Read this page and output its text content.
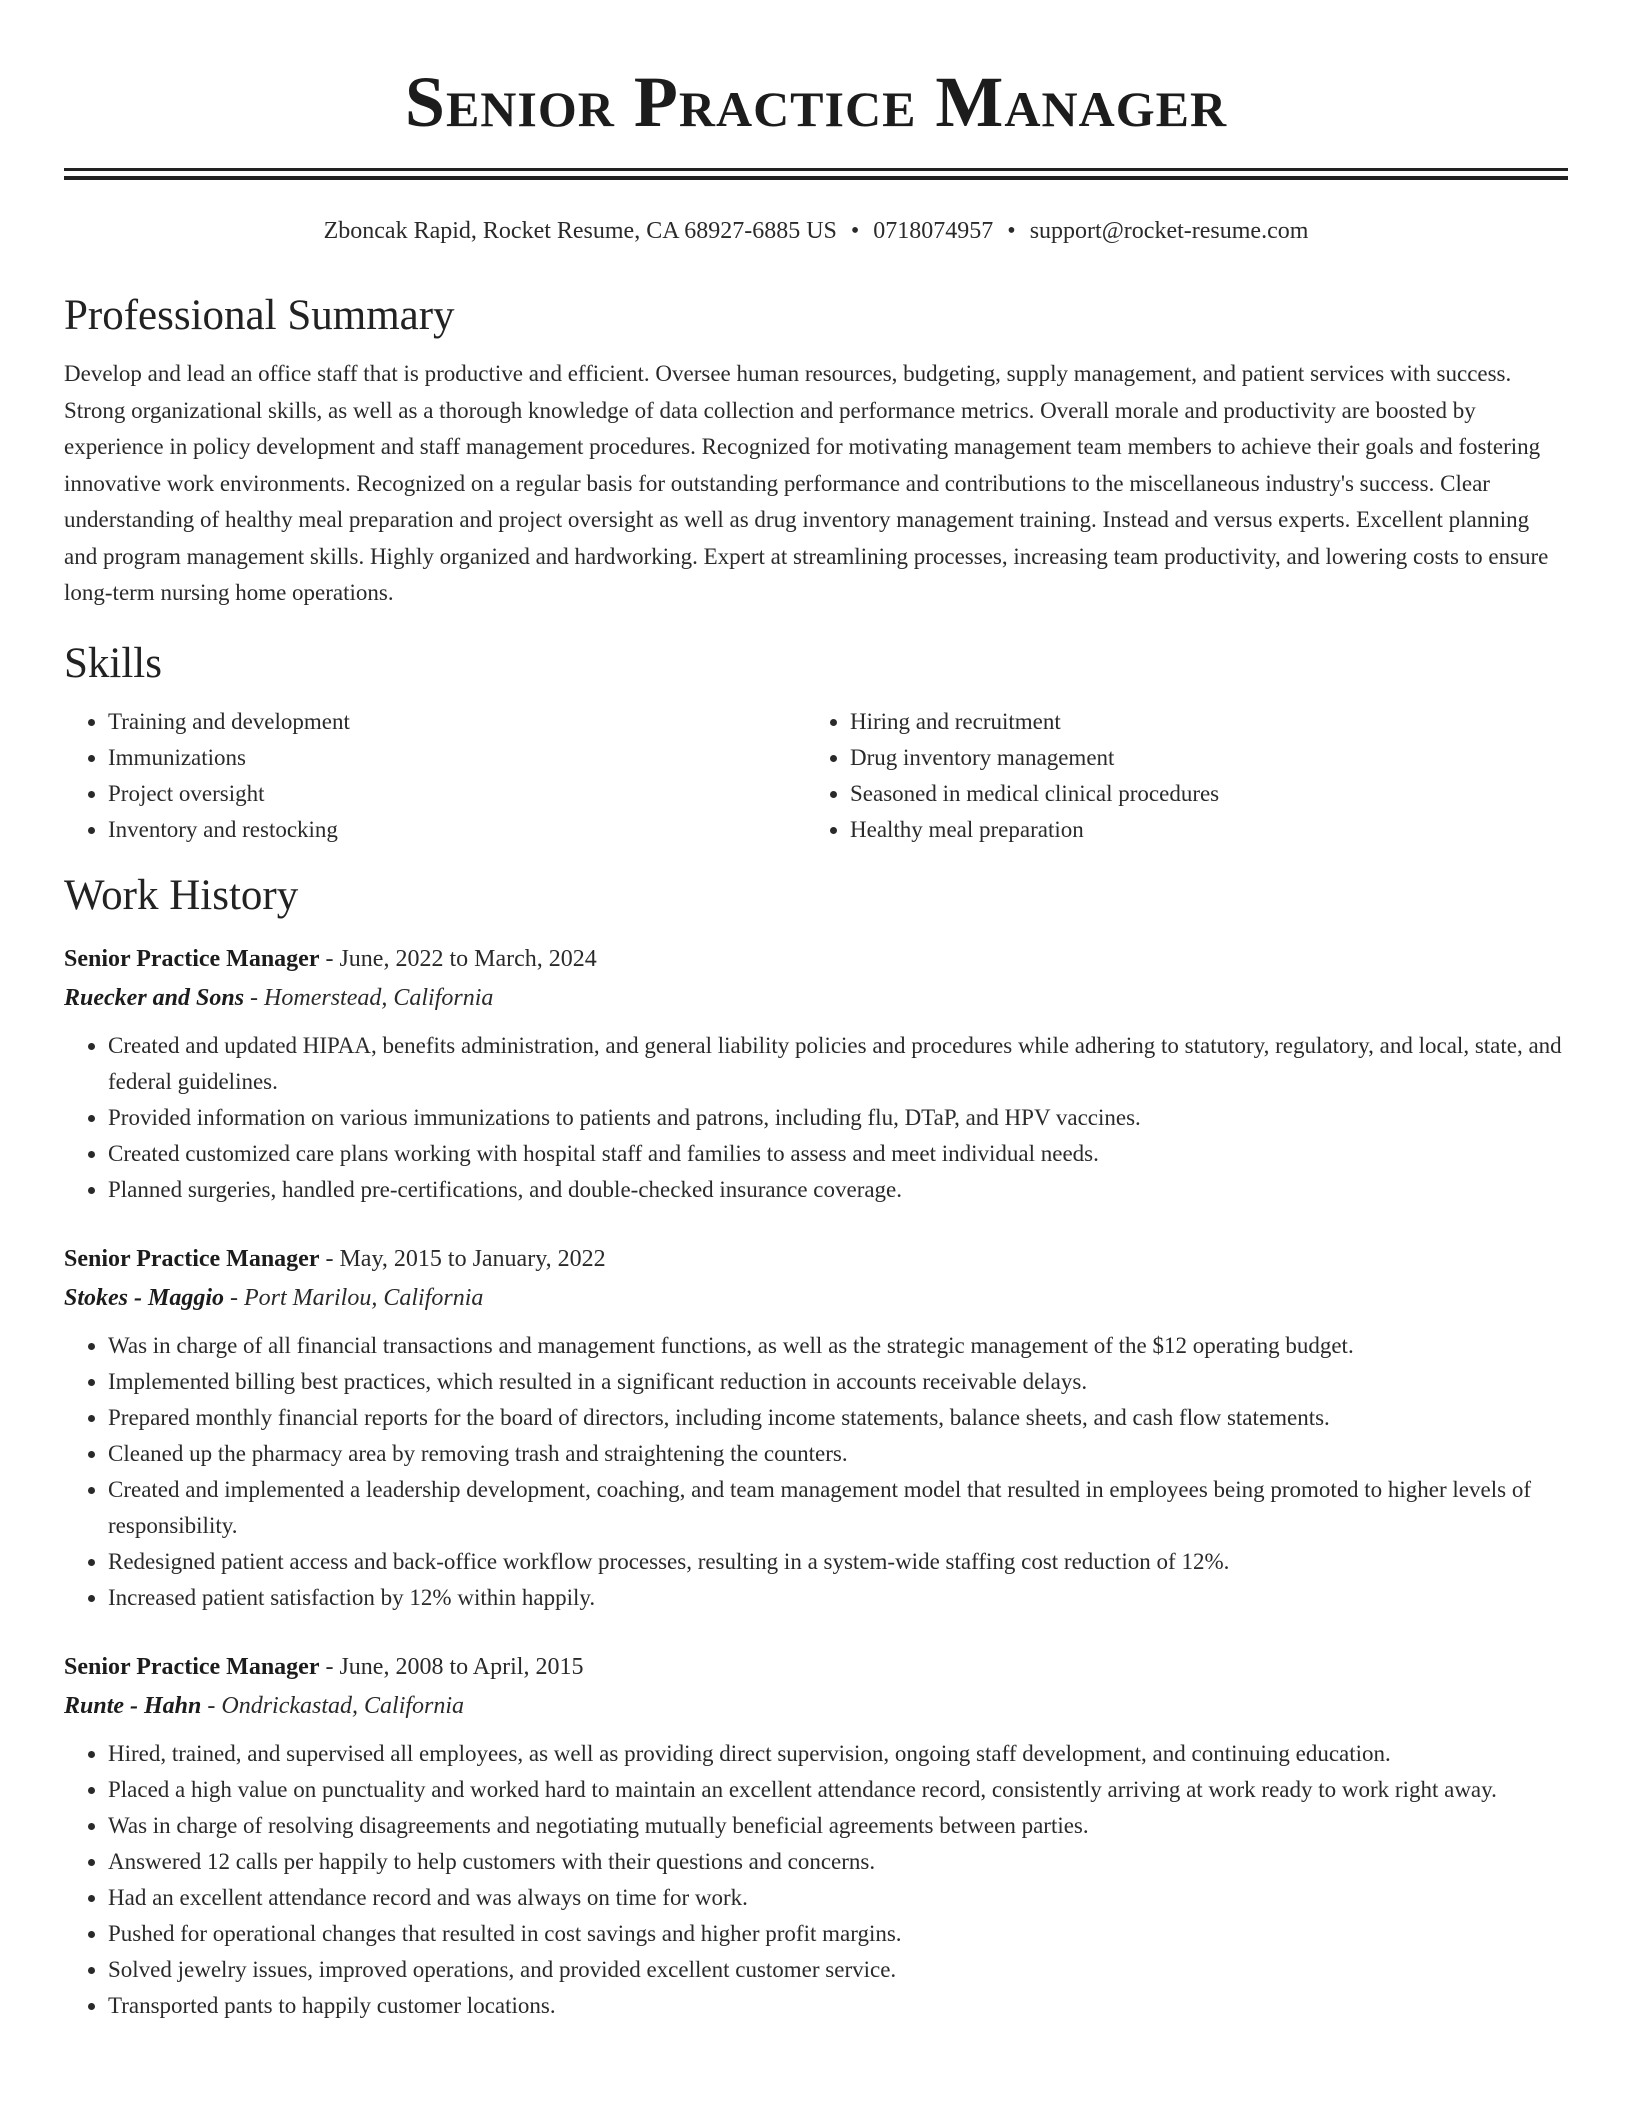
Senior Practice Manager
Zboncak Rapid, Rocket Resume, CA 68927-6885 US • 0718074957 • support@rocket-resume.com
Professional Summary
Develop and lead an office staff that is productive and efficient. Oversee human resources, budgeting, supply management, and patient services with success. Strong organizational skills, as well as a thorough knowledge of data collection and performance metrics. Overall morale and productivity are boosted by experience in policy development and staff management procedures. Recognized for motivating management team members to achieve their goals and fostering innovative work environments. Recognized on a regular basis for outstanding performance and contributions to the miscellaneous industry's success. Clear understanding of healthy meal preparation and project oversight as well as drug inventory management training. Instead and versus experts. Excellent planning and program management skills. Highly organized and hardworking. Expert at streamlining processes, increasing team productivity, and lowering costs to ensure long-term nursing home operations.
Skills
• Training and development
• Immunizations
• Project oversight
• Inventory and restocking
• Hiring and recruitment
• Drug inventory management
• Seasoned in medical clinical procedures
• Healthy meal preparation
Work History
Senior Practice Manager - June, 2022 to March, 2024
Ruecker and Sons - Homerstead, California
• Created and updated HIPAA, benefits administration, and general liability policies and procedures while adhering to statutory, regulatory, and local, state, and federal guidelines.
• Provided information on various immunizations to patients and patrons, including flu, DTaP, and HPV vaccines.
• Created customized care plans working with hospital staff and families to assess and meet individual needs.
• Planned surgeries, handled pre-certifications, and double-checked insurance coverage.
Senior Practice Manager - May, 2015 to January, 2022
Stokes - Maggio - Port Marilou, California
• Was in charge of all financial transactions and management functions, as well as the strategic management of the $12 operating budget.
• Implemented billing best practices, which resulted in a significant reduction in accounts receivable delays.
• Prepared monthly financial reports for the board of directors, including income statements, balance sheets, and cash flow statements.
• Cleaned up the pharmacy area by removing trash and straightening the counters.
• Created and implemented a leadership development, coaching, and team management model that resulted in employees being promoted to higher levels of responsibility.
• Redesigned patient access and back-office workflow processes, resulting in a system-wide staffing cost reduction of 12%.
• Increased patient satisfaction by 12% within happily.
Senior Practice Manager - June, 2008 to April, 2015
Runte - Hahn - Ondrickastad, California
• Hired, trained, and supervised all employees, as well as providing direct supervision, ongoing staff development, and continuing education.
• Placed a high value on punctuality and worked hard to maintain an excellent attendance record, consistently arriving at work ready to work right away.
• Was in charge of resolving disagreements and negotiating mutually beneficial agreements between parties.
• Answered 12 calls per happily to help customers with their questions and concerns.
• Had an excellent attendance record and was always on time for work.
• Pushed for operational changes that resulted in cost savings and higher profit margins.
• Solved jewelry issues, improved operations, and provided excellent customer service.
• Transported pants to happily customer locations.
